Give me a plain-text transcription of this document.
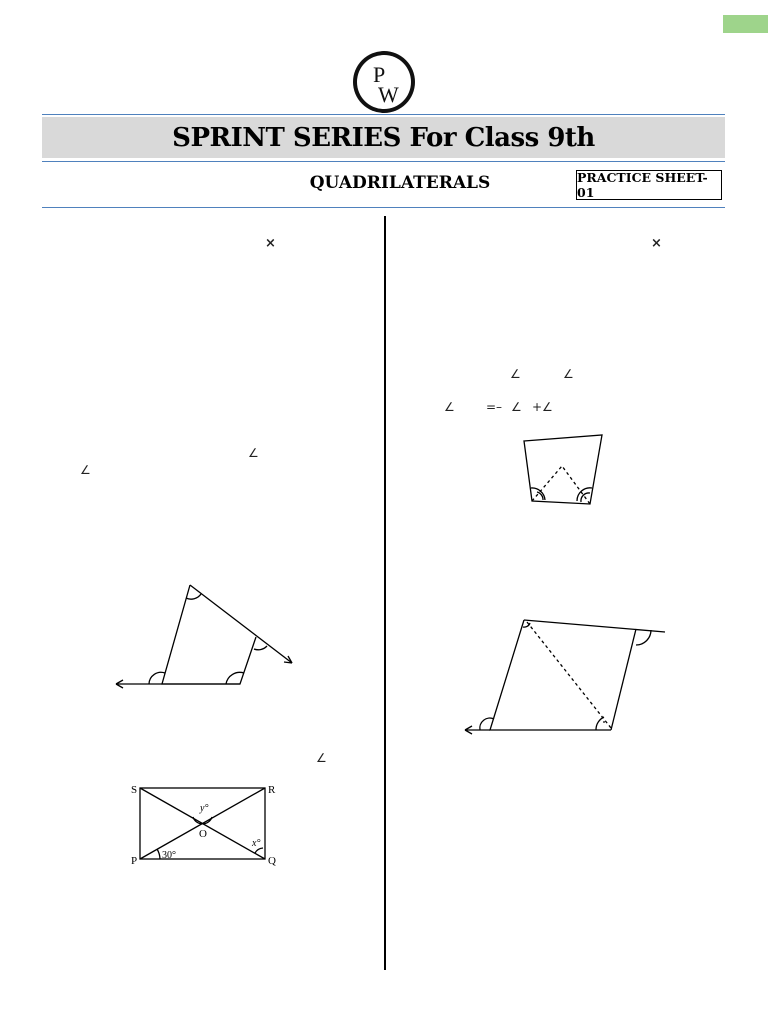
P
W
SPRINT SERIES For Class 9th
QUADRILATERALS	PRACTICE SHEET-01
×
∠
∠
∠
S	R
P	Q
O
y°
x°
30°
×
∠	∠
∠	=– ∠ +∠
